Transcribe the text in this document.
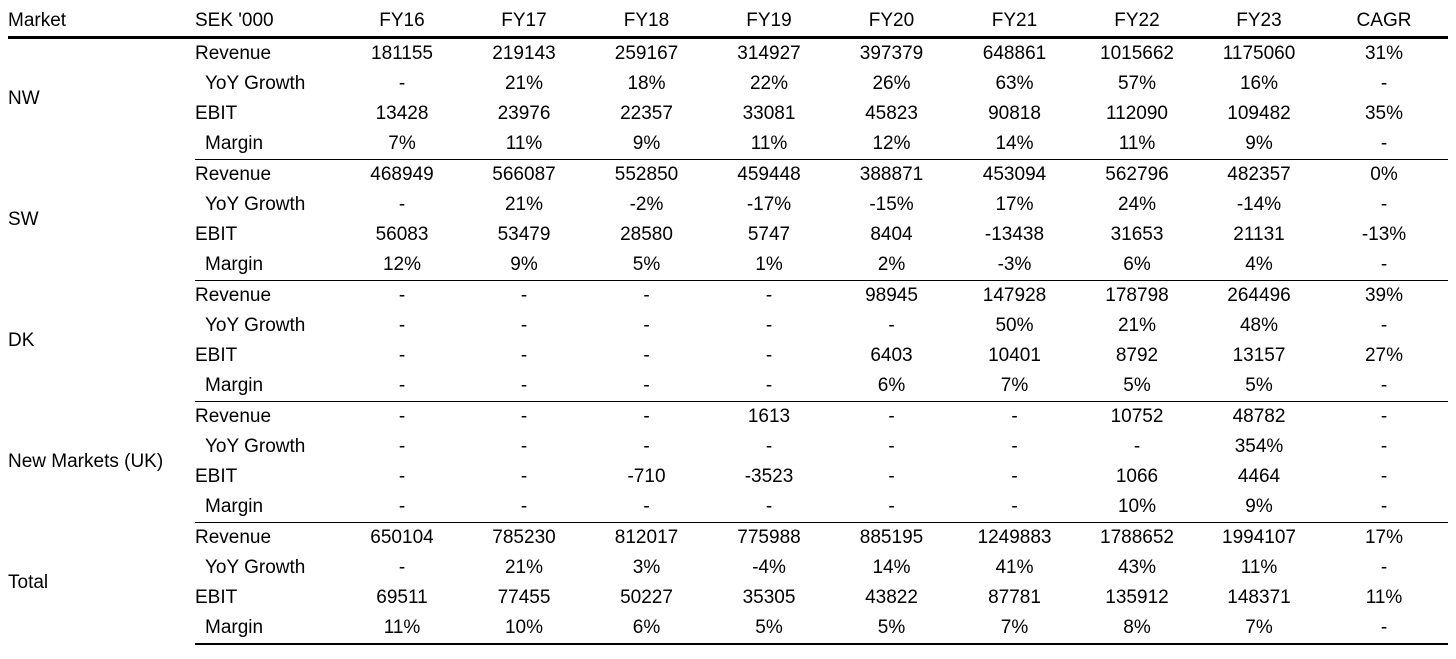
Market	SEK '000	FY16	FY17	FY18	FY19	FY20	FY21	FY22	FY23	CAGR
NW	Revenue	181155	219143	259167	314927	397379	648861	1015662	1175060	31%
	YoY Growth	-	21%	18%	22%	26%	63%	57%	16%	-
	EBIT	13428	23976	22357	33081	45823	90818	112090	109482	35%
	Margin	7%	11%	9%	11%	12%	14%	11%	9%	-
SW	Revenue	468949	566087	552850	459448	388871	453094	562796	482357	0%
	YoY Growth	-	21%	-2%	-17%	-15%	17%	24%	-14%	-
	EBIT	56083	53479	28580	5747	8404	-13438	31653	21131	-13%
	Margin	12%	9%	5%	1%	2%	-3%	6%	4%	-
DK	Revenue	-	-	-	-	98945	147928	178798	264496	39%
	YoY Growth	-	-	-	-	-	50%	21%	48%	-
	EBIT	-	-	-	-	6403	10401	8792	13157	27%
	Margin	-	-	-	-	6%	7%	5%	5%	-
New Markets (UK)	Revenue	-	-	-	1613	-	-	10752	48782	-
	YoY Growth	-	-	-	-	-	-	-	354%	-
	EBIT	-	-	-710	-3523	-	-	1066	4464	-
	Margin	-	-	-	-	-	-	10%	9%	-
Total	Revenue	650104	785230	812017	775988	885195	1249883	1788652	1994107	17%
	YoY Growth	-	21%	3%	-4%	14%	41%	43%	11%	-
	EBIT	69511	77455	50227	35305	43822	87781	135912	148371	11%
	Margin	11%	10%	6%	5%	5%	7%	8%	7%	-
